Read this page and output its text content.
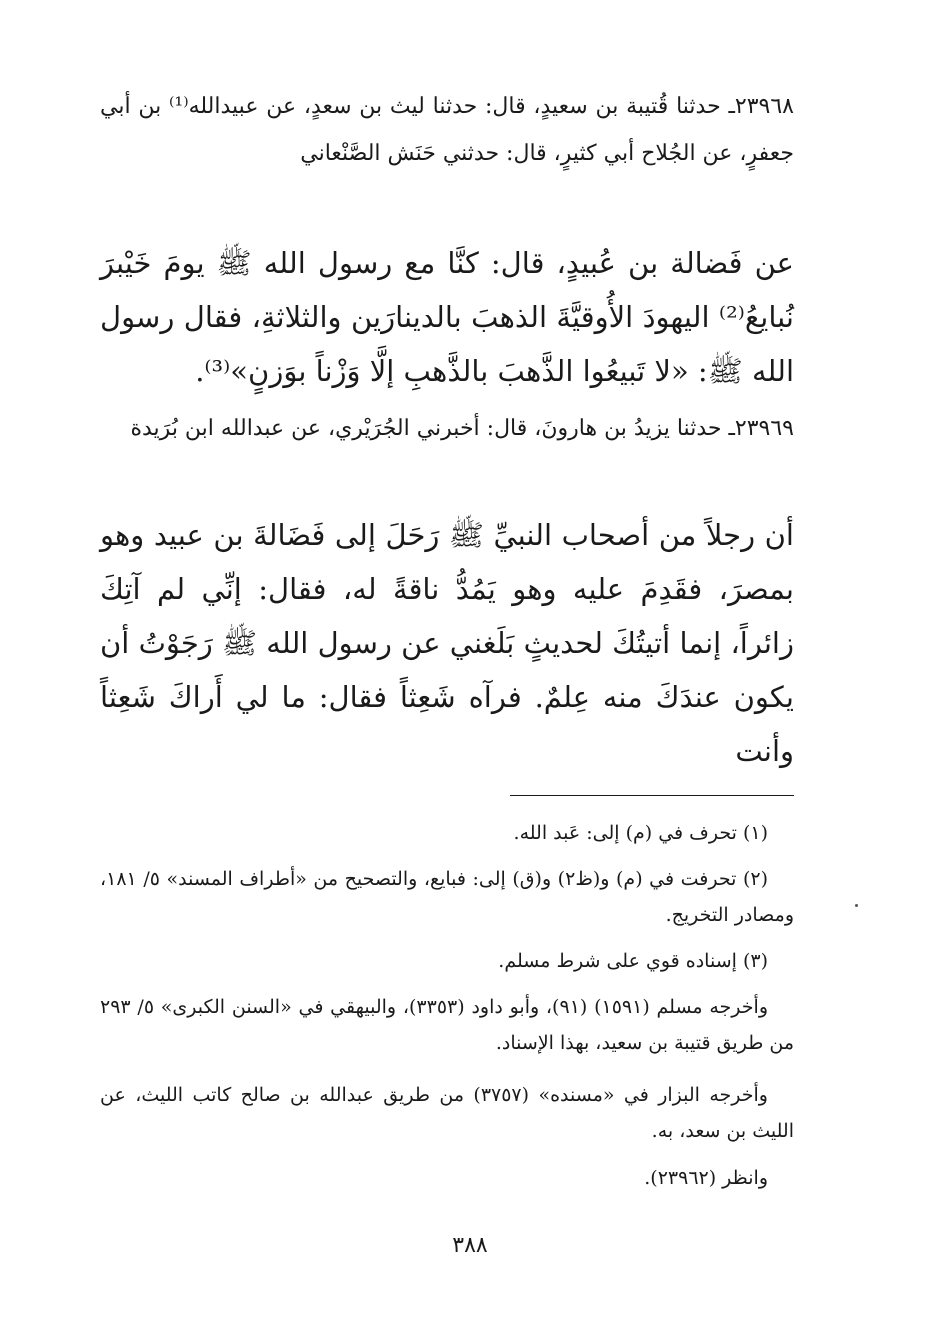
٢٣٩٦٨ـ حدثنا قُتيبة بن سعيدٍ، قال: حدثنا ليث بن سعدٍ، عن عبيدالله⁽¹⁾ بن أبي جعفرٍ، عن الجُلاح أبي كثيرٍ، قال: حدثني حَنَش الصَّنْعاني

عن فَضالة بن عُبيدٍ، قال: كنَّا مع رسول الله ﷺ يومَ خَيْبرَ نُبايعُ⁽²⁾ اليهودَ الأُوقيَّةَ الذهبَ بالدينارَين والثلاثةِ، فقال رسول الله ﷺ: «لا تَبيعُوا الذَّهبَ بالذَّهبِ إلَّا وَزْناً بوَزنٍ»⁽³⁾.

٢٣٩٦٩ـ حدثنا يزيدُ بن هارونَ، قال: أخبرني الجُرَيْري، عن عبدالله ابن بُرَيدة

أن رجلاً من أصحاب النبيِّ ﷺ رَحَلَ إلى فَضَالةَ بن عبيد وهو بمصرَ، فقَدِمَ عليه وهو يَمُدُّ ناقةً له، فقال: إنِّي لم آتِكَ زائراً، إنما أتيتُكَ لحديثٍ بَلَغني عن رسول الله ﷺ رَجَوْتُ أن يكون عندَكَ منه عِلمٌ. فرآه شَعِثاً فقال: ما لي أَراكَ شَعِثاً وأنت

(١) تحرف في (م) إلى: عَبد الله.

(٢) تحرفت في (م) و(ظ٢) و(ق) إلى: فبايع، والتصحيح من «أطراف المسند» ٥/ ١٨١، ومصادر التخريج.

(٣) إسناده قوي على شرط مسلم.

وأخرجه مسلم (١٥٩١) (٩١)، وأبو داود (٣٣٥٣)، والبيهقي في «السنن الكبرى» ٥/ ٢٩٣ من طريق قتيبة بن سعيد، بهذا الإسناد.

وأخرجه البزار في «مسنده» (٣٧٥٧) من طريق عبدالله بن صالح كاتب الليث، عن الليث بن سعد، به.

وانظر (٢٣٩٦٢).

٣٨٨
